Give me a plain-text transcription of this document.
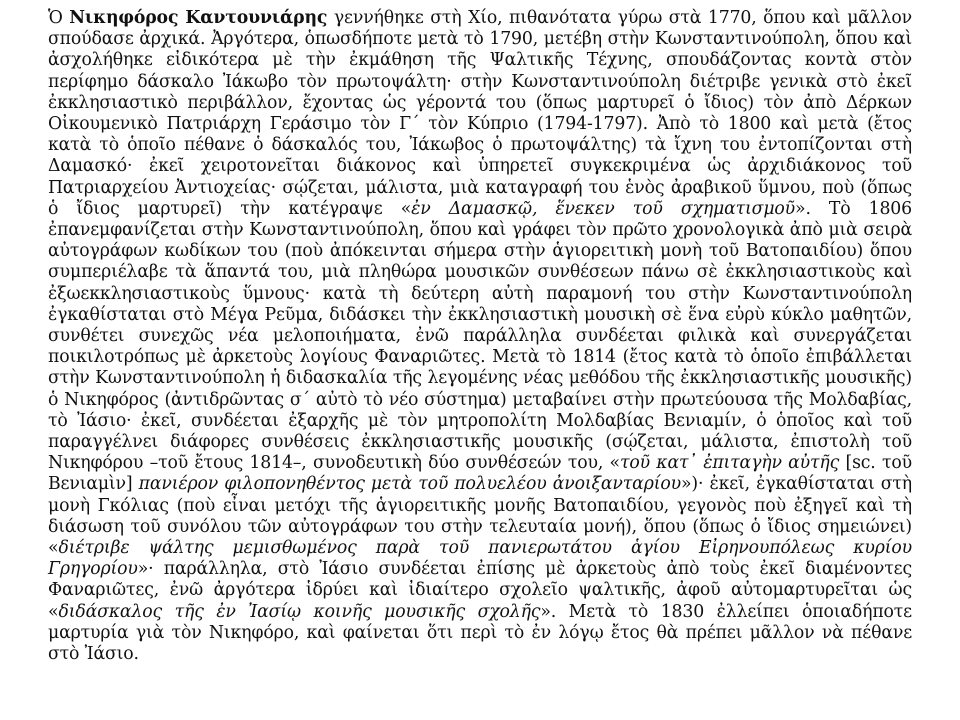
Ὁ Νικηφόρος Καντουνιάρης γεννήθηκε στὴ Χίο, πιθανότατα γύρω στὰ 1770, ὅπου καὶ μᾶλλον σπούδασε ἀρχικά. Ἀργότερα, ὁπωσδήποτε μετὰ τὸ 1790, μετέβη στὴν Κωνσταντινούπολη, ὅπου καὶ ἀσχολήθηκε εἰδικότερα μὲ τὴν ἐκμάθηση τῆς Ψαλτικῆς Τέχνης, σπουδάζοντας κοντὰ στὸν περίφημο δάσκαλο Ἰάκωβο τὸν πρωτοψάλτη· στὴν Κωνσταντινούπολη διέτριβε γενικὰ στὸ ἐκεῖ ἐκκλησιαστικὸ περιβάλλον, ἔχοντας ὡς γέροντά του (ὅπως μαρτυρεῖ ὁ ἴδιος) τὸν ἀπὸ Δέρκων Οἰκουμενικὸ Πατριάρχη Γεράσιμο τὸν Γ΄ τὸν Κύπριο (1794-1797). Ἀπὸ τὸ 1800 καὶ μετὰ (ἔτος κατὰ τὸ ὁποῖο πέθανε ὁ δάσκαλός του, Ἰάκωβος ὁ πρωτοψάλτης) τὰ ἴχνη του ἐντοπίζονται στὴ Δαμασκό· ἐκεῖ χειροτονεῖται διάκονος καὶ ὑπηρετεῖ συγκεκριμένα ὡς ἀρχιδιάκονος τοῦ Πατριαρχείου Ἀντιοχείας· σῴζεται, μάλιστα, μιὰ καταγραφή του ἑνὸς ἀραβικοῦ ὕμνου, ποὺ (ὅπως ὁ ἴδιος μαρτυρεῖ) τὴν κατέγραψε «ἐν Δαμασκῷ, ἕνεκεν τοῦ σχηματισμοῦ». Τὸ 1806 ἐπανεμφανίζεται στὴν Κωνσταντινούπολη, ὅπου καὶ γράφει τὸν πρῶτο χρονολογικὰ ἀπὸ μιὰ σειρὰ αὐτογράφων κωδίκων του (ποὺ ἀπόκεινται σήμερα στὴν ἁγιορειτικὴ μονὴ τοῦ Βατοπαιδίου) ὅπου συμπεριέλαβε τὰ ἅπαντά του, μιὰ πληθώρα μουσικῶν συνθέσεων πάνω σὲ ἐκκλησιαστικοὺς καὶ ἐξωεκκλησιαστικοὺς ὕμνους· κατὰ τὴ δεύτερη αὐτὴ παραμονή του στὴν Κωνσταντινούπολη ἐγκαθίσταται στὸ Μέγα Ρεῦμα, διδάσκει τὴν ἐκκλησιαστικὴ μουσικὴ σὲ ἕνα εὐρὺ κύκλο μαθητῶν, συνθέτει συνεχῶς νέα μελοποιήματα, ἐνῶ παράλληλα συνδέεται φιλικὰ καὶ συνεργάζεται ποικιλοτρόπως μὲ ἀρκετοὺς λογίους Φαναριῶτες. Μετὰ τὸ 1814 (ἔτος κατὰ τὸ ὁποῖο ἐπιβάλλεται στὴν Κωνσταντινούπολη ἡ διδασκαλία τῆς λεγομένης νέας μεθόδου τῆς ἐκκλησιαστικῆς μουσικῆς) ὁ Νικηφόρος (ἀντιδρῶντας σ΄ αὐτὸ τὸ νέο σύστημα) μεταβαίνει στὴν πρωτεύουσα τῆς Μολδαβίας, τὸ Ἰάσιο· ἐκεῖ, συνδέεται ἐξαρχῆς μὲ τὸν μητροπολίτη Μολδαβίας Βενιαμίν, ὁ ὁποῖος καὶ τοῦ παραγγέλνει διάφορες συνθέσεις ἐκκλησιαστικῆς μουσικῆς (σῴζεται, μάλιστα, ἐπιστολὴ τοῦ Νικηφόρου –τοῦ ἔτους 1814–, συνοδευτικὴ δύο συνθέσεών του, «τοῦ κατ᾽ ἐπιταγὴν αὐτῆς [sc. τοῦ Βενιαμὶν] πανιέρον φιλοπονηθέντος μετὰ τοῦ πολυελέου ἀνοιξανταρίου»)· ἐκεῖ, ἐγκαθίσταται στὴ μονὴ Γκόλιας (ποὺ εἶναι μετόχι τῆς ἁγιορειτικῆς μονῆς Βατοπαιδίου, γεγονὸς ποὺ ἐξηγεῖ καὶ τὴ διάσωση τοῦ συνόλου τῶν αὐτογράφων του στὴν τελευταία μονή), ὅπου (ὅπως ὁ ἴδιος σημειώνει) «διέτριβε ψάλτης μεμισθωμένος παρὰ τοῦ πανιερωτάτου ἁγίου Εἰρηνουπόλεως κυρίου Γρηγορίου»· παράλληλα, στὸ Ἰάσιο συνδέεται ἐπίσης μὲ ἀρκετοὺς ἀπὸ τοὺς ἐκεῖ διαμένοντες Φαναριῶτες, ἐνῶ ἀργότερα ἱδρύει καὶ ἰδιαίτερο σχολεῖο ψαλτικῆς, ἀφοῦ αὐτομαρτυρεῖται ὡς «διδάσκαλος τῆς ἐν Ἰασίῳ κοινῆς μουσικῆς σχολῆς». Μετὰ τὸ 1830 ἐλλείπει ὁποιαδήποτε μαρτυρία γιὰ τὸν Νικηφόρο, καὶ φαίνεται ὅτι περὶ τὸ ἐν λόγῳ ἔτος θὰ πρέπει μᾶλλον νὰ πέθανε στὸ Ἰάσιο.
